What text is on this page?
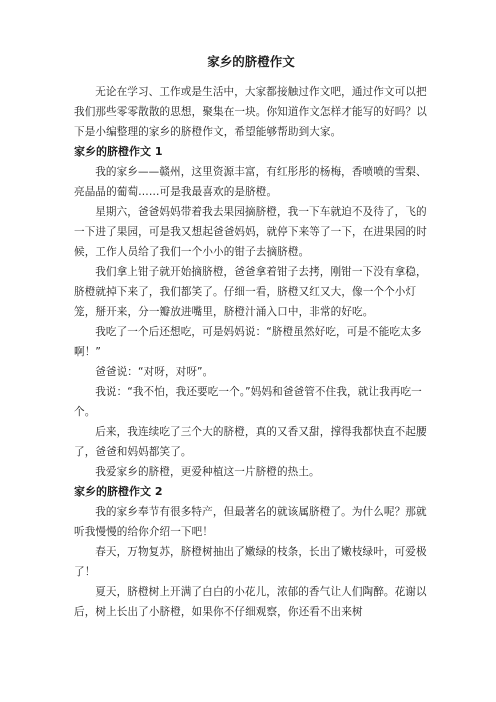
家乡的脐橙作文

无论在学习、工作或是生活中，大家都接触过作文吧，通过作文可以把我们那些零零散散的思想，聚集在一块。你知道作文怎样才能写的好吗？以下是小编整理的家乡的脐橙作文，希望能够帮助到大家。

家乡的脐橙作文 1

我的家乡——赣州，这里资源丰富，有红彤彤的杨梅，香喷喷的雪梨、亮晶晶的葡萄……可是我最喜欢的是脐橙。

星期六，爸爸妈妈带着我去果园摘脐橙，我一下车就迫不及待了，飞的一下进了果园，可是我又想起爸爸妈妈，就停下来等了一下，在进果园的时候，工作人员给了我们一个小小的钳子去摘脐橙。

我们拿上钳子就开始摘脐橙，爸爸拿着钳子去拷，刚钳一下没有拿稳，脐橙就掉下来了，我们都笑了。仔细一看，脐橙又红又大，像一个个小灯笼，掰开来，分一瓣放进嘴里，脐橙汁涌入口中，非常的好吃。

我吃了一个后还想吃，可是妈妈说：“脐橙虽然好吃，可是不能吃太多啊！”

爸爸说：“对呀，对呀”。

我说：“我不怕，我还要吃一个。”妈妈和爸爸管不住我，就让我再吃一个。

后来，我连续吃了三个大的脐橙，真的又香又甜，撑得我都快直不起腰了，爸爸和妈妈都笑了。

我爱家乡的脐橙，更爱种植这一片脐橙的热土。

家乡的脐橙作文 2

我的家乡奉节有很多特产，但最著名的就该属脐橙了。为什么呢？那就听我慢慢的给你介绍一下吧！

春天，万物复苏，脐橙树抽出了嫩绿的枝条，长出了嫩枝绿叶，可爱极了！

夏天，脐橙树上开满了白白的小花儿，浓郁的香气让人们陶醉。花谢以后，树上长出了小脐橙，如果你不仔细观察，你还看不出来树
